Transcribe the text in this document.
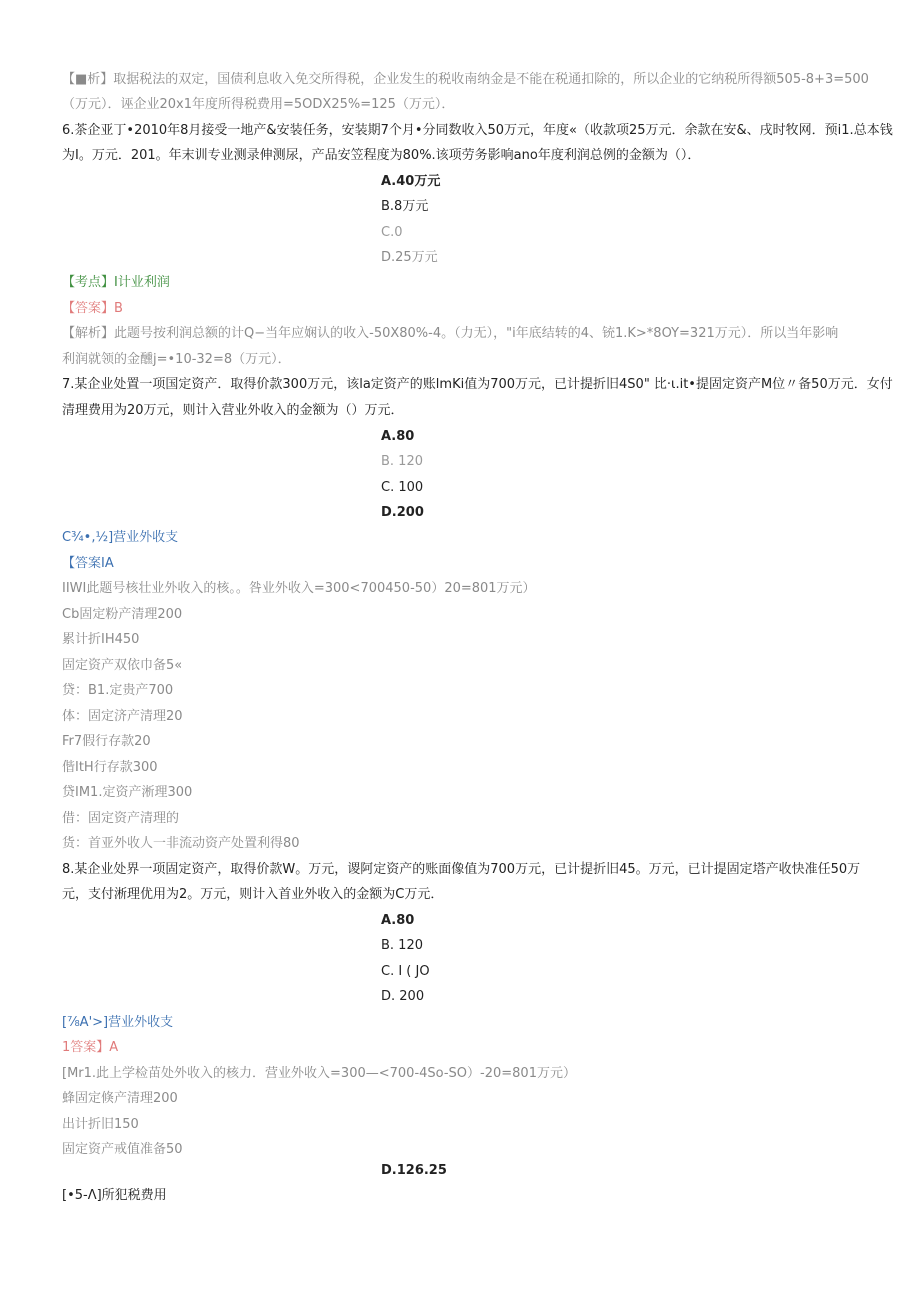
【■析】取据税法的双定，国债利息收入免交所得税，企业发生的税收南纳金是不能在税通扣除的，所以企业的它纳税所得额505-8+3=500
（万元）．诬企业20x1年度所得税费用=5ODX25%=125（万元）．
6.茶企亚丁•2010年8月接受一地产&安装任务，安装期7个月•分同数收入50万元，年度«（收款项25万元．余款在安&、戌时牧网．预i1.总本钱
为I。万元．201。年末训专业测录伸测尿，产品安笠程度为80%.该项劳务影响ano年度利润总例的金额为（）．
A.40万元
B.8万元
C.0
D.25万元
【考点】I计业利润
【答案】B
【解析】此题号按利润总额的计Q−当年应娴认的收入-50X80%-4。（力无），"i年底结转的4、铳1.K>*8OY=321万元）．所以当年影响
利润就领的金醺j=•10-32=8（万元）．
7.某企业处置一项国定资产．取得价款300万元，该la定资产的账lmKi值为700万元，已计提折旧4S0" 比·ι.it•提固定资产M位〃备50万元．女付
清理费用为20万元，则计入营业外收入的金额为（）万元．
A.80
B. 120
C. 100
D.200
C¾•,½]营业外收支
【答案IA
IIWI此题号核壮业外收入的核。。咎业外收入=300<700450-50）20=801万元）
Cb固定粉产清理200
累计折IH450
固定资产双依巾备5«
贷：B1.定贵产700
体：固定济产清理20
Fr7假行存款20
偕ItH行存款300
贷IM1.定资产淅理300
借：固定资产清理的
货：首亚外收人一非流动资产处置利得80
8.某企业处界一项固定资产，取得价款W。万元，谡阿定资产的账面像值为700万元，已计提折旧45。万元，已计提固定塔产收快准任50万
元，支付淅理优用为2。万元，则计入首业外收入的金额为C万元．
A.80
B. 120
C. I ( JO
D. 200
[⅞A'>]营业外收支
1答案】A
[Mr1.此上学检苗处外收入的核力．营业外收入=300—<700-4So-SO）-20=801万元）
蜂固定倏产清理200
出计折旧150
固定资产戒值准备50
D.126.25
[•5-Λ]所犯税费用
